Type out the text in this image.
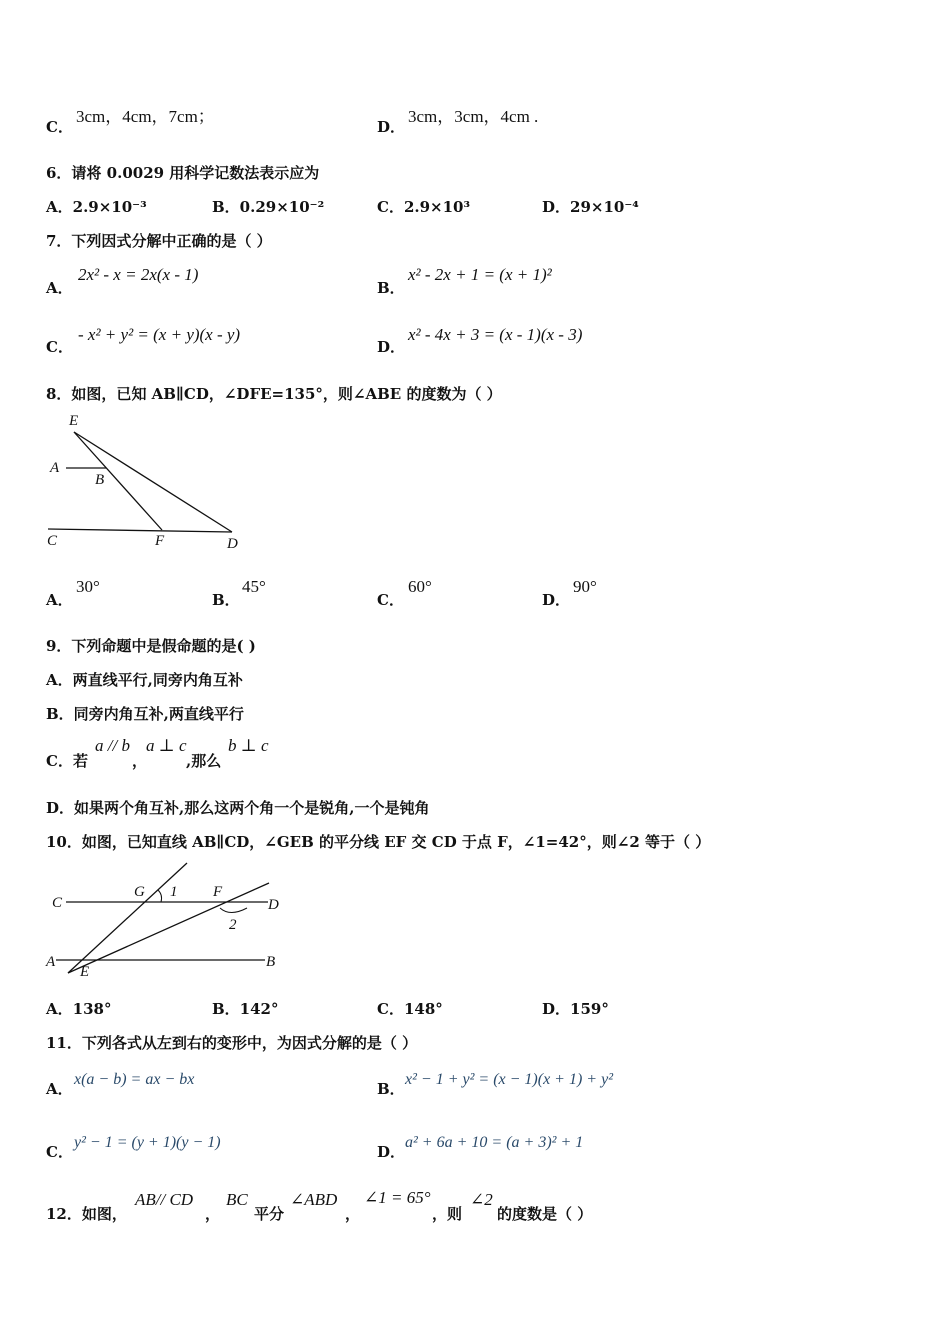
C．
3cm，4cm，7cm；
D．
3cm，3cm，4cm .
6．请将 0.0029 用科学记数法表示应为
A．2.9×10⁻³	B．0.29×10⁻²	C．2.9×10³	D．29×10⁻⁴
7．下列因式分解中正确的是（ ）
A．
2x² - x = 2x(x - 1)
B．
x² - 2x + 1 = (x + 1)²
C．
- x² + y² = (x + y)(x - y)
D．
x² - 4x + 3 = (x - 1)(x - 3)
8．如图，已知 AB∥CD，∠DFE=135°，则∠ABE 的度数为（ ）
E
A
B
C	F	D
A．
30°
B．
45°
C．
60°
D．
90°
9．下列命题中是假命题的是( )
A．两直线平行,同旁内角互补
B．同旁内角互补,两直线平行
C．若
a // b
，
a ⊥ c
,那么
b ⊥ c
D．如果两个角互补,那么这两个角一个是锐角,一个是钝角
10．如图，已知直线 AB∥CD，∠GEB 的平分线 EF 交 CD 于点 F，∠1=42°，则∠2 等于（ ）
C
G 1 F
D
2
A
E
B
A．138°	B．142°	C．148°	D．159°
11．下列各式从左到右的变形中，为因式分解的是（ ）
A．
x(a − b) = ax − bx
B．
x² − 1 + y² = (x − 1)(x + 1) + y²
C．
y² − 1 = (y + 1)(y − 1)
D．
a² + 6a + 10 = (a + 3)² + 1
12．如图，
AB// CD
，
BC
平分
∠ABD
，
∠1 = 65°
，则
∠2
的度数是（ ）
